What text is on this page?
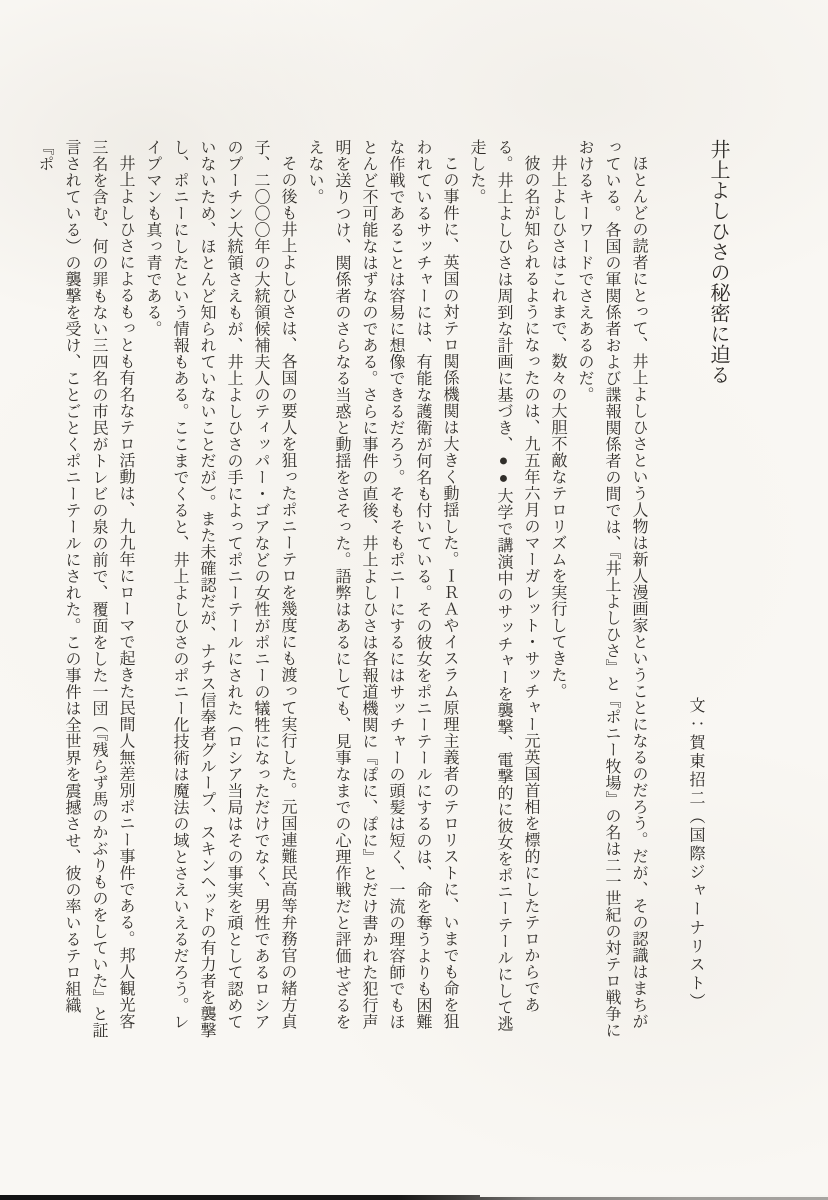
井上よしひさの秘密に迫る
文：賀東招二（国際ジャーナリスト）

ほとんどの読者にとって、井上よしひさという人物は新人漫画家ということになるのだろう。だが、その認識はまちがっている。各国の軍関係者および諜報関係者の間では、『井上よしひさ』と『ポニー牧場』の名は二一世紀の対テロ戦争におけるキーワードでさえあるのだ。

井上よしひさはこれまで、数々の大胆不敵なテロリズムを実行してきた。

彼の名が知られるようになったのは、九五年六月のマーガレット・サッチャー元英国首相を標的にしたテロからである。井上よしひさは周到な計画に基づき、●●大学で講演中のサッチャーを襲撃、電撃的に彼女をポニーテールにして逃走した。

この事件に、英国の対テロ関係機関は大きく動揺した。ＩＲＡやイスラム原理主義者のテロリストに、いまでも命を狙われているサッチャーには、有能な護衛が何名も付いている。その彼女をポニーテールにするのは、命を奪うよりも困難な作戦であることは容易に想像できるだろう。そもそもポニーにするにはサッチャーの頭髪は短く、一流の理容師でもほとんど不可能なはずなのである。さらに事件の直後、井上よしひさは各報道機関に『ぽに、ぽに』とだけ書かれた犯行声明を送りつけ、関係者のさらなる当惑と動揺をさそった。語弊はあるにしても、見事なまでの心理作戦だと評価せざるをえない。

その後も井上よしひさは、各国の要人を狙ったポニーテロを幾度にも渡って実行した。元国連難民高等弁務官の緒方貞子、二〇〇〇年の大統領候補夫人のティッパー・ゴアなどの女性がポニーの犠牲になっただけでなく、男性であるロシアのプーチン大統領さえもが、井上よしひさの手によってポニーテールにされた（ロシア当局はその事実を頑として認めていないため、ほとんど知られていないことだが）。また未確認だが、ナチス信奉者グループ、スキンヘッドの有力者を襲撃し、ポニーにしたという情報もある。ここまでくると、井上よしひさのポニー化技術は魔法の域とさえいえるだろう。レイプマンも真っ青である。

井上よしひさによるもっとも有名なテロ活動は、九九年にローマで起きた民間人無差別ポニー事件である。邦人観光客三名を含む、何の罪もない三四名の市民がトレビの泉の前で、覆面をした一団（『残らず馬のかぶりものをしていた』と証言されている）の襲撃を受け、ことごとくポニーテールにされた。この事件は全世界を震撼させ、彼の率いるテロ組織『ポ
